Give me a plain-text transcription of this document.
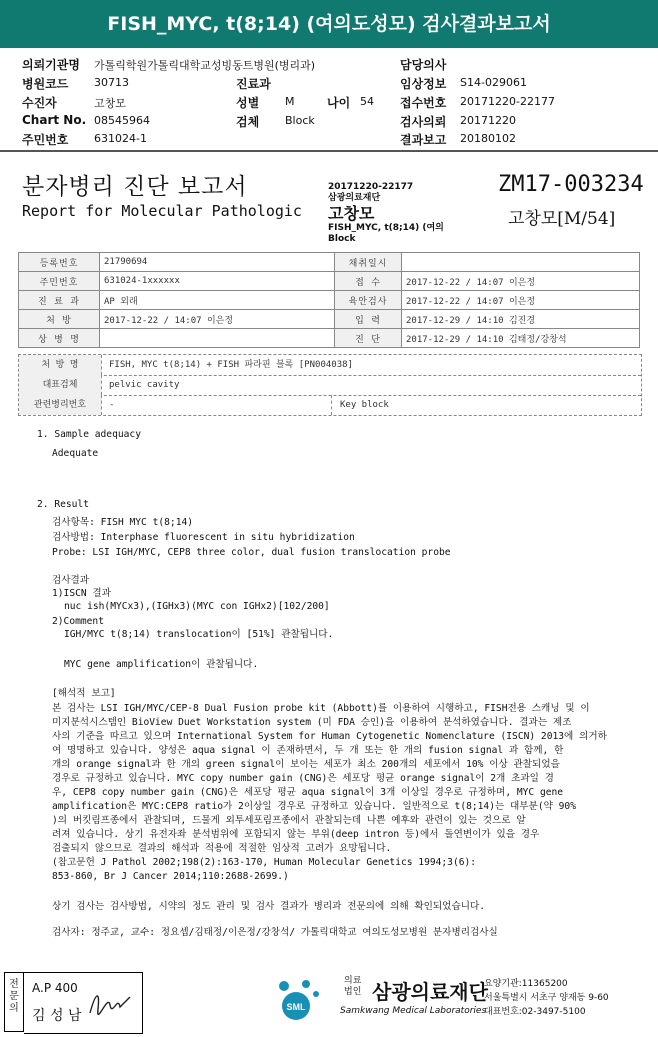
FISH_MYC, t(8;14) (여의도성모) 검사결과보고서
의뢰기관명 가톨릭학원가톨릭대학교성빙동트병원(병리과)	담당의사
병원코드 30713	진료과	임상정보 S14-029061
수진자	고창모	성별 M	나이 54 접수번호 20171220-22177
Chart No. 08545964	검체 Block	검사의뢰 20171220
주민번호 631024-1	결과보고 20180102
분자병리 진단 보고서
Report for Molecular Pathologic
20171220-22177
삼광의료재단
고창모
FISH_MYC, t(8;14) (여의
Block
ZM17-003234
고창모[M/54]
등록번호	21790694	채취일시	
주민번호	631024-1xxxxxx	접 수	2017-12-22 / 14:07 이은정
진 료 과	AP 외래	육안검사	2017-12-22 / 14:07 이은정
처 방	2017-12-22 / 14:07 이은정	입 력	2017-12-29 / 14:10 김진경
상 병 명		진 단	2017-12-29 / 14:10 김태정/강창석
처 방 명	FISH, MYC t(8;14) + FISH 파라핀 블록 [PN004038]
대표검체	pelvic cavity
관련병리번호	-	Key block
1. Sample adequacy
Adequate
2. Result
검사항목: FISH MYC t(8;14)
검사방법: Interphase fluorescent in situ hybridization
Probe: LSI IGH/MYC, CEP8 three color, dual fusion translocation probe
검사결과
1)ISCN 결과
nuc ish(MYCx3),(IGHx3)(MYC con IGHx2)[102/200]
2)Comment
IGH/MYC t(8;14) translocation이 [51%] 관찰됩니다.
MYC gene amplification이 관찰됩니다.
[해석적 보고]
본 검사는 LSI IGH/MYC/CEP-8 Dual Fusion probe kit (Abbott)를 이용하여 시행하고, FISH전용 스캐닝 및 이
미지분석시스템인 BioView Duet Workstation system (미 FDA 승인)을 이용하여 분석하였습니다. 결과는 제조
사의 기준을 따르고 있으며 International System for Human Cytogenetic Nomenclature (ISCN) 2013에 의거하
여 명명하고 있습니다. 양성은 aqua signal 이 존재하면서, 두 개 또는 한 개의 fusion signal 과 함께, 한
개의 orange signal과 한 개의 green signal이 보이는 세포가 최소 200개의 세포에서 10% 이상 관찰되었을
경우로 규정하고 있습니다. MYC copy number gain (CNG)은 세포당 평균 orange signal이 2개 초과일 경
우, CEP8 copy number gain (CNG)은 세포당 평균 aqua signal이 3개 이상일 경우로 규정하며, MYC gene
amplification은 MYC:CEP8 ratio가 2이상일 경우로 규정하고 있습니다. 일반적으로 t(8;14)는 대부분(약 90%
)의 버킷림프종에서 관찰되며, 드물게 외투세포림프종에서 관찰되는데 나쁜 예후와 관련이 있는 것으로 알
려져 있습니다. 상기 유전자좌 분석범위에 포함되지 않는 부위(deep intron 등)에서 돌연변이가 있을 경우
검출되지 않으므로 결과의 해석과 적용에 적절한 임상적 고려가 요망됩니다.
(참고문헌 J Pathol 2002;198(2):163-170, Human Molecular Genetics 1994;3(6):
853-860, Br J Cancer 2014;110:2688-2699.)
상기 검사는 검사방법, 시약의 정도 관리 및 검사 결과가 병리과 전문의에 의해 확인되었습니다.
검사자: 정주교, 교수: 정요셉/김태정/이은정/강창석/ 가톨릭대학교 여의도성모병원 분자병리검사실
전문의
A.P 400
김 성 남
SML
의료법인 삼광의료재단
Samkwang Medical Laboratories
요양기관:11365200
서울특별시 서초구 양재동 9-60
대표번호:02-3497-5100
